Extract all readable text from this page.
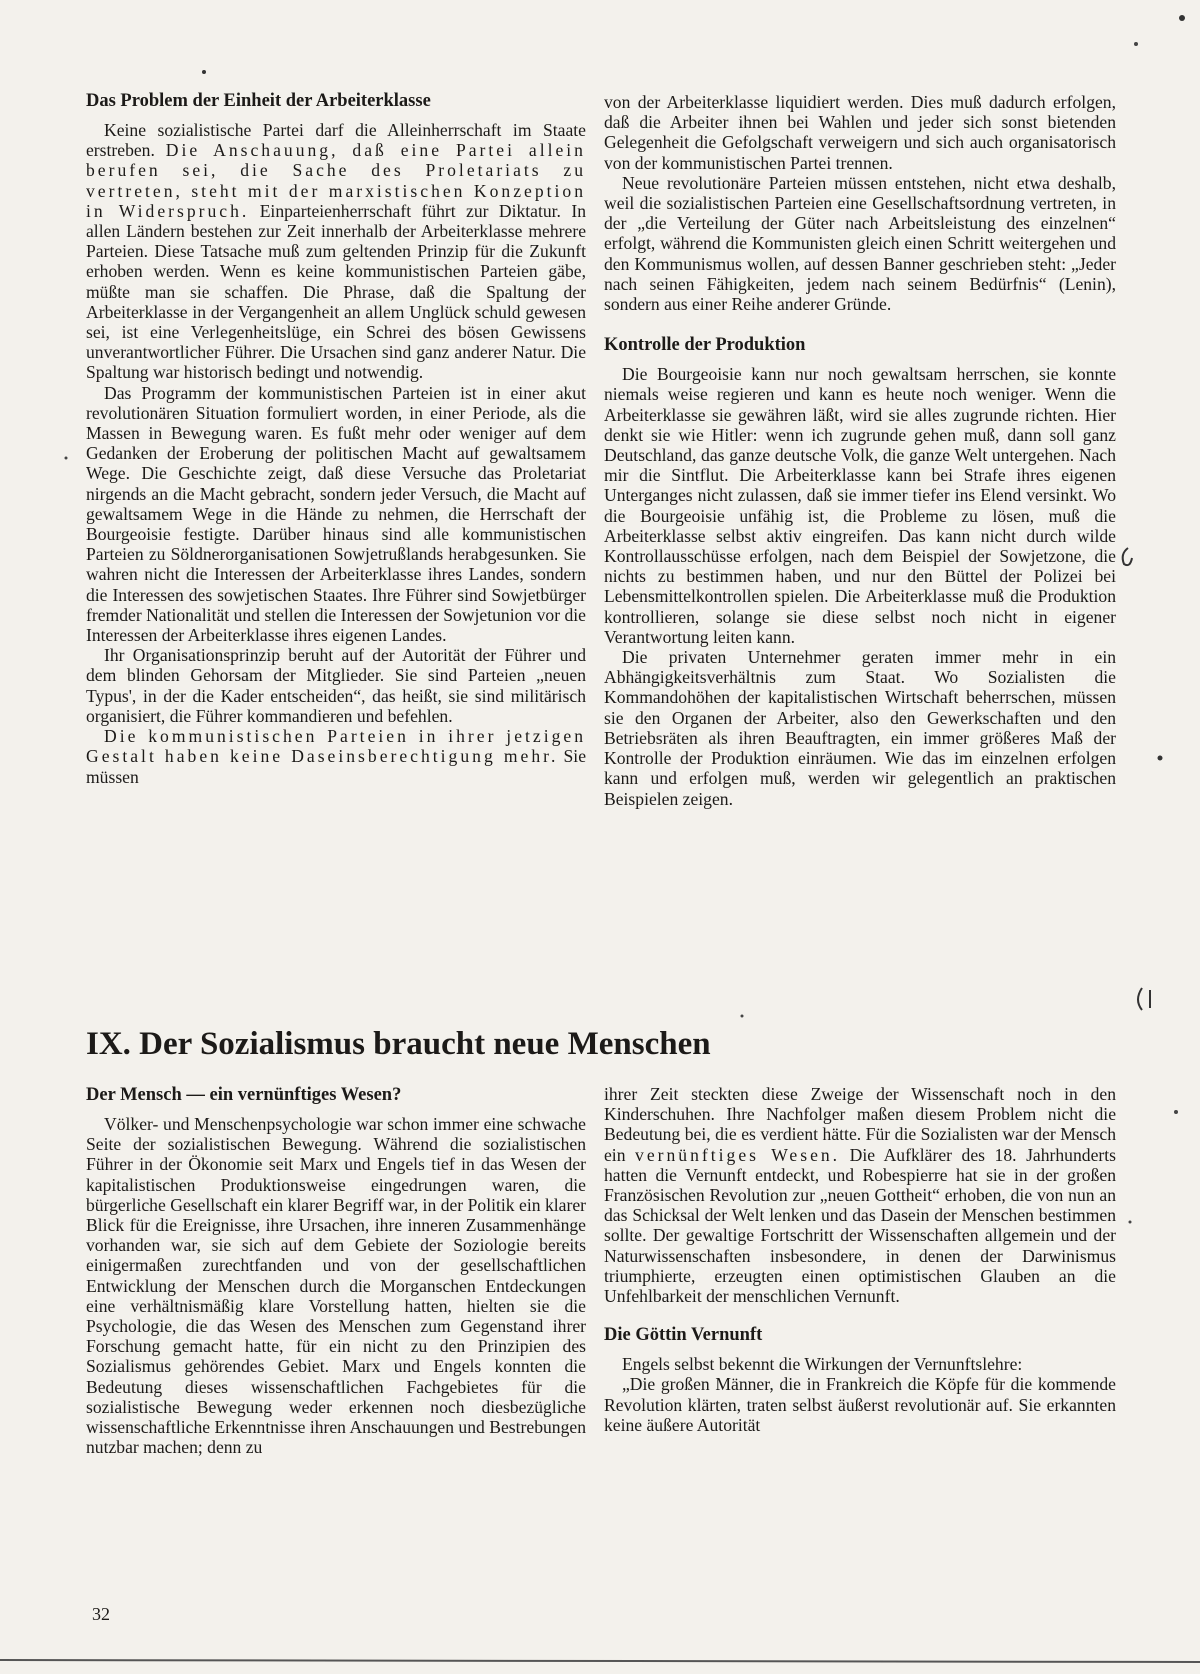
Das Problem der Einheit der Arbeiterklasse

Keine sozialistische Partei darf die Alleinherrschaft im Staate erstreben. Die Anschauung, daß eine Partei allein berufen sei, die Sache des Proletariats zu vertreten, steht mit der marxistischen Konzeption in Widerspruch. Einparteienherrschaft führt zur Diktatur. In allen Ländern bestehen zur Zeit innerhalb der Arbeiterklasse mehrere Parteien. Diese Tatsache muß zum geltenden Prinzip für die Zukunft erhoben werden. Wenn es keine kommunistischen Parteien gäbe, müßte man sie schaffen. Die Phrase, daß die Spaltung der Arbeiterklasse in der Vergangenheit an allem Unglück schuld gewesen sei, ist eine Verlegenheitslüge, ein Schrei des bösen Gewissens unverantwortlicher Führer. Die Ursachen sind ganz anderer Natur. Die Spaltung war historisch bedingt und notwendig.

Das Programm der kommunistischen Parteien ist in einer akut revolutionären Situation formuliert worden, in einer Periode, als die Massen in Bewegung waren. Es fußt mehr oder weniger auf dem Gedanken der Eroberung der politischen Macht auf gewaltsamem Wege. Die Geschichte zeigt, daß diese Versuche das Proletariat nirgends an die Macht gebracht, sondern jeder Versuch, die Macht auf gewaltsamem Wege in die Hände zu nehmen, die Herrschaft der Bourgeoisie festigte. Darüber hinaus sind alle kommunistischen Parteien zu Söldnerorganisationen Sowjetrußlands herabgesunken. Sie wahren nicht die Interessen der Arbeiterklasse ihres Landes, sondern die Interessen des sowjetischen Staates. Ihre Führer sind Sowjetbürger fremder Nationalität und stellen die Interessen der Sowjetunion vor die Interessen der Arbeiterklasse ihres eigenen Landes.

Ihr Organisationsprinzip beruht auf der Autorität der Führer und dem blinden Gehorsam der Mitglieder. Sie sind Parteien „neuen Typus', in der die Kader entscheiden“, das heißt, sie sind militärisch organisiert, die Führer kommandieren und befehlen.

Die kommunistischen Parteien in ihrer jetzigen Gestalt haben keine Daseinsberechtigung mehr. Sie müssen

von der Arbeiterklasse liquidiert werden. Dies muß dadurch erfolgen, daß die Arbeiter ihnen bei Wahlen und jeder sich sonst bietenden Gelegenheit die Gefolgschaft verweigern und sich auch organisatorisch von der kommunistischen Partei trennen.

Neue revolutionäre Parteien müssen entstehen, nicht etwa deshalb, weil die sozialistischen Parteien eine Gesellschaftsordnung vertreten, in der „die Verteilung der Güter nach Arbeitsleistung des einzelnen“ erfolgt, während die Kommunisten gleich einen Schritt weitergehen und den Kommunismus wollen, auf dessen Banner geschrieben steht: „Jeder nach seinen Fähigkeiten, jedem nach seinem Bedürfnis“ (Lenin), sondern aus einer Reihe anderer Gründe.

Kontrolle der Produktion

Die Bourgeoisie kann nur noch gewaltsam herrschen, sie konnte niemals weise regieren und kann es heute noch weniger. Wenn die Arbeiterklasse sie gewähren läßt, wird sie alles zugrunde richten. Hier denkt sie wie Hitler: wenn ich zugrunde gehen muß, dann soll ganz Deutschland, das ganze deutsche Volk, die ganze Welt untergehen. Nach mir die Sintflut. Die Arbeiterklasse kann bei Strafe ihres eigenen Unterganges nicht zulassen, daß sie immer tiefer ins Elend versinkt. Wo die Bourgeoisie unfähig ist, die Probleme zu lösen, muß die Arbeiterklasse selbst aktiv eingreifen. Das kann nicht durch wilde Kontrollausschüsse erfolgen, nach dem Beispiel der Sowjetzone, die nichts zu bestimmen haben, und nur den Büttel der Polizei bei Lebensmittelkontrollen spielen. Die Arbeiterklasse muß die Produktion kontrollieren, solange sie diese selbst noch nicht in eigener Verantwortung leiten kann.

Die privaten Unternehmer geraten immer mehr in ein Abhängigkeitsverhältnis zum Staat. Wo Sozialisten die Kommandohöhen der kapitalistischen Wirtschaft beherrschen, müssen sie den Organen der Arbeiter, also den Gewerkschaften und den Betriebsräten als ihren Beauftragten, ein immer größeres Maß der Kontrolle der Produktion einräumen. Wie das im einzelnen erfolgen kann und erfolgen muß, werden wir gelegentlich an praktischen Beispielen zeigen.

IX. Der Sozialismus braucht neue Menschen
Der Mensch — ein vernünftiges Wesen?

Völker- und Menschenpsychologie war schon immer eine schwache Seite der sozialistischen Bewegung. Während die sozialistischen Führer in der Ökonomie seit Marx und Engels tief in das Wesen der kapitalistischen Produktionsweise eingedrungen waren, die bürgerliche Gesellschaft ein klarer Begriff war, in der Politik ein klarer Blick für die Ereignisse, ihre Ursachen, ihre inneren Zusammenhänge vorhanden war, sie sich auf dem Gebiete der Soziologie bereits einigermaßen zurechtfanden und von der gesellschaftlichen Entwicklung der Menschen durch die Morganschen Entdeckungen eine verhältnismäßig klare Vorstellung hatten, hielten sie die Psychologie, die das Wesen des Menschen zum Gegenstand ihrer Forschung gemacht hatte, für ein nicht zu den Prinzipien des Sozialismus gehörendes Gebiet. Marx und Engels konnten die Bedeutung dieses wissenschaftlichen Fachgebietes für die sozialistische Bewegung weder erkennen noch diesbezügliche wissenschaftliche Erkenntnisse ihren Anschauungen und Bestrebungen nutzbar machen; denn zu

ihrer Zeit steckten diese Zweige der Wissenschaft noch in den Kinderschuhen. Ihre Nachfolger maßen diesem Problem nicht die Bedeutung bei, die es verdient hätte. Für die Sozialisten war der Mensch ein vernünftiges Wesen. Die Aufklärer des 18. Jahrhunderts hatten die Vernunft entdeckt, und Robespierre hat sie in der großen Französischen Revolution zur „neuen Gottheit“ erhoben, die von nun an das Schicksal der Welt lenken und das Dasein der Menschen bestimmen sollte. Der gewaltige Fortschritt der Wissenschaften allgemein und der Naturwissenschaften insbesondere, in denen der Darwinismus triumphierte, erzeugten einen optimistischen Glauben an die Unfehlbarkeit der menschlichen Vernunft.

Die Göttin Vernunft

Engels selbst bekennt die Wirkungen der Vernunftslehre:

„Die großen Männer, die in Frankreich die Köpfe für die kommende Revolution klärten, traten selbst äußerst revolutionär auf. Sie erkannten keine äußere Autorität

32
